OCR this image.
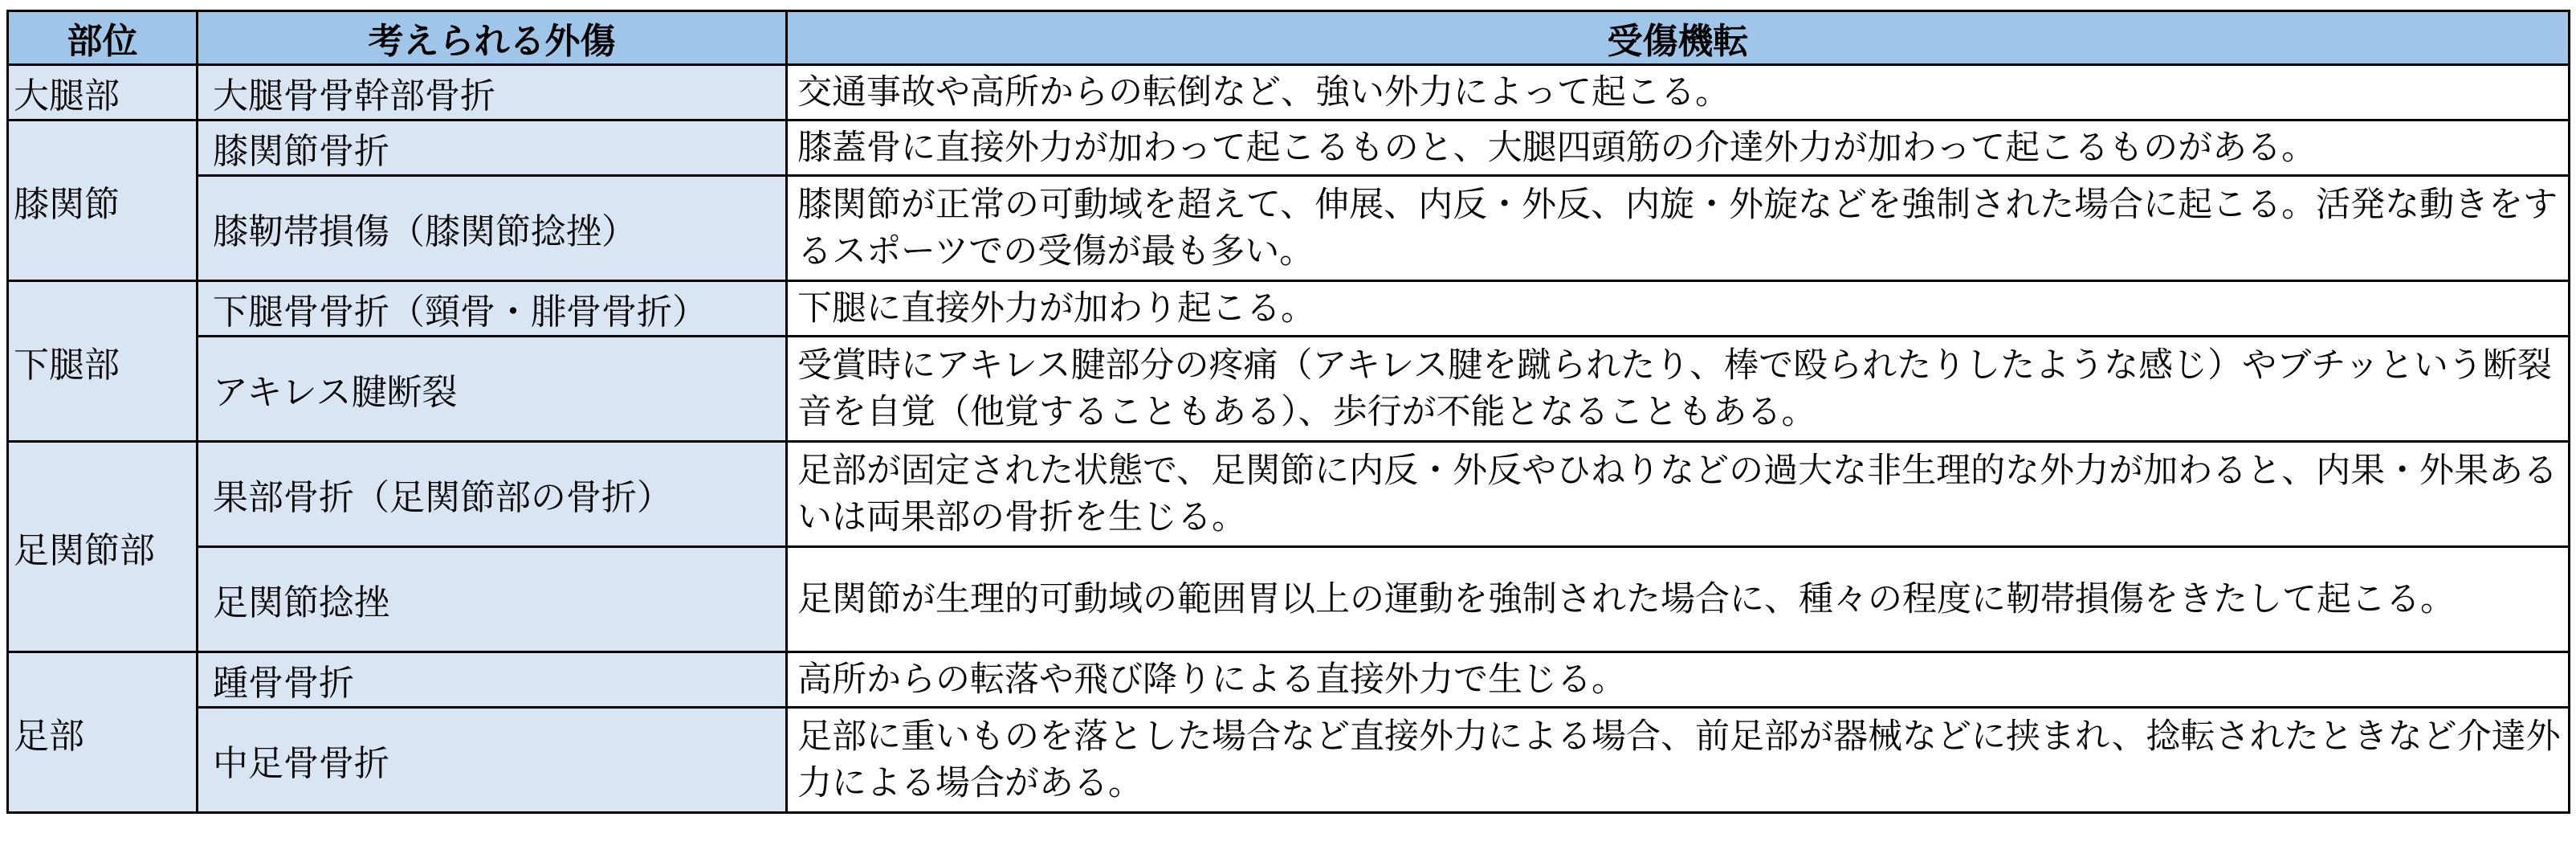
部位	考えられる外傷	受傷機転
大腿部	大腿骨骨幹部骨折	交通事故や高所からの転倒など、強い外力によって起こる。
膝関節	膝関節骨折	膝蓋骨に直接外力が加わって起こるものと、大腿四頭筋の介達外力が加わって起こるものがある。
	膝靭帯損傷（膝関節捻挫）	膝関節が正常の可動域を超えて、伸展、内反・外反、内旋・外旋などを強制された場合に起こる。活発な動きをするスポーツでの受傷が最も多い。
下腿部	下腿骨骨折（頸骨・腓骨骨折）	下腿に直接外力が加わり起こる。
	アキレス腱断裂	受賞時にアキレス腱部分の疼痛（アキレス腱を蹴られたり、棒で殴られたりしたような感じ）やブチッという断裂音を自覚（他覚することもある）、歩行が不能となることもある。
足関節部	果部骨折（足関節部の骨折）	足部が固定された状態で、足関節に内反・外反やひねりなどの過大な非生理的な外力が加わると、内果・外果あるいは両果部の骨折を生じる。
	足関節捻挫	足関節が生理的可動域の範囲胃以上の運動を強制された場合に、種々の程度に靭帯損傷をきたして起こる。
足部	踵骨骨折	高所からの転落や飛び降りによる直接外力で生じる。
	中足骨骨折	足部に重いものを落とした場合など直接外力による場合、前足部が器械などに挟まれ、捻転されたときなど介達外力による場合がある。
